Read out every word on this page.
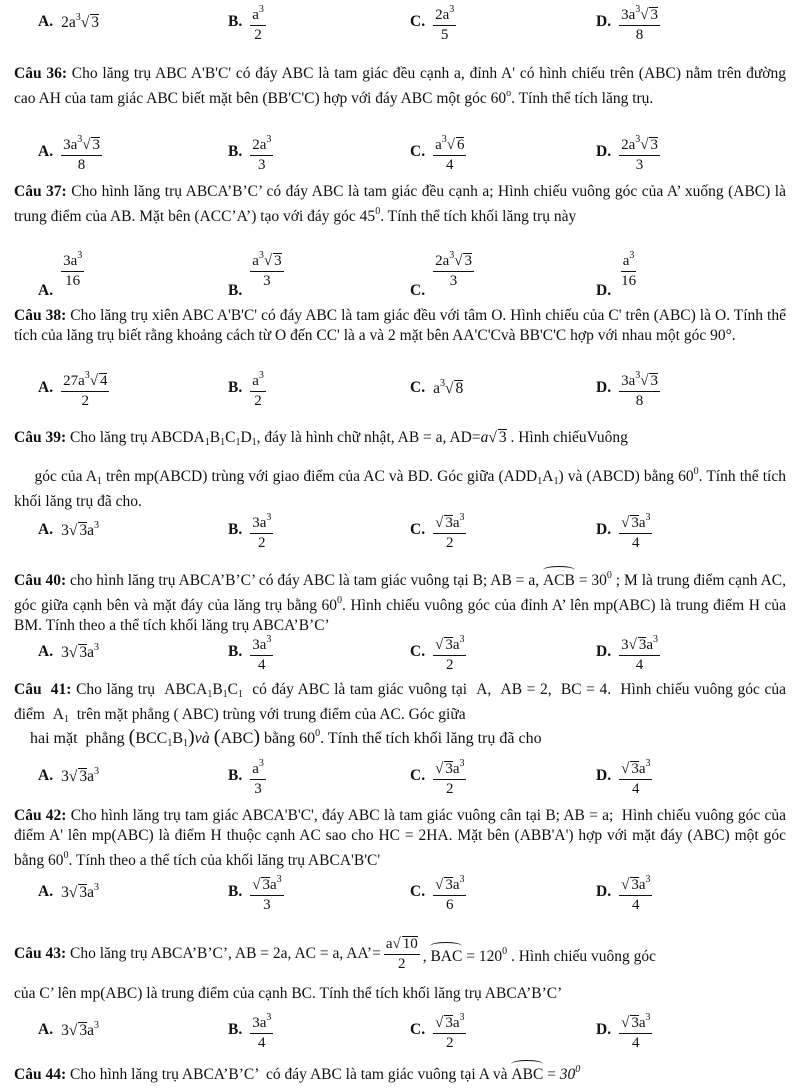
A. $2a^3√$ 3	B. $\frac{a^3}{2}$	C. $\frac{2a^3}{5}$	D. $\frac{3a^3√ 3}{8}$
Câu 36: Cho lăng trụ ABC A'B'C' có đáy ABC là tam giác đều cạnh a, đỉnh A' có hình chiếu trên (ABC) nằm trên đường cao AH của tam giác ABC biết mặt bên (BB'C'C) hợp với đáy ABC một góc 60$^o$. Tính thể tích lăng trụ.
A. $\frac{3a^3√ 3}{8}$	B. $\frac{2a^3}{3}$	C. $\frac{a^3√ 6}{4}$	D. $\frac{2a^3√ 3}{3}$
Câu 37: Cho hình lăng trụ ABCA’B’C’ có đáy ABC là tam giác đều cạnh a; Hình chiếu vuông góc của A’ xuống (ABC) là trung điểm của AB. Mặt bên (ACC’A’) tạo với đáy góc $45^0$. Tính thể tích khối lăng trụ này
A.
$\frac{3a^3}{16}$
B.
$\frac{a^3√ 3}{3}$
C.
$\frac{2a^3√ 3}{3}$
D.
$\frac{a^3}{16}$
Câu 38: Cho lăng trụ xiên ABC A'B'C' có đáy ABC là tam giác đều với tâm O. Hình chiếu của C' trên (ABC) là O. Tính thể tích của lăng trụ biết rằng khoảng cách từ O đến CC' là a và 2 mặt bên AA'C'Cvà BB'C'C hợp với nhau một góc 90°.
A. $\frac{27a^3√ 4}{2}$	B. $\frac{a^3}{2}$	C. $a^3√$ 8	D. $\frac{3a^3√ 3}{8}$
Câu 39: Cho lăng trụ $ABCDA_1B_1C_1D_1$, đáy là hình chữ nhật, AB = a, AD=a√ 3 . Hình chiếuVuông
góc của $A_1$ trên mp(ABCD) trùng với giao điểm của AC và BD. Góc giữa $(ADD_1A_1)$ và (ABCD) bằng $60^0$. Tính thể tích khối lăng trụ đã cho.
A. 3√ $3a^3$	B. $\frac{3a^3}{2}$	C. $\frac{√ 3a^3}{2}$	D. $\frac{√ 3a^3}{4}$
Câu 40: cho hình lăng trụ ABCA’B’C’ có đáy ABC là tam giác vuông tại B; AB = a, ACB = $30^0$ ; M là trung điểm cạnh AC, góc giữa cạnh bên và mặt đáy của lăng trụ bằng $60^0$. Hình chiếu vuông góc của đỉnh A’ lên mp(ABC) là trung điểm H của BM. Tính theo a thể tích khối lăng trụ ABCA’B’C’
A. 3√ $3a^3$	B. $\frac{3a^3}{4}$	C. $\frac{√ 3a^3}{2}$	D. $\frac{3√ 3a^3}{4}$
Câu  41: Cho lăng trụ  $ABCA_1B_1C_1$  có đáy ABC là tam giác vuông tại  A,  AB = 2,  BC = 4.  Hình chiếu vuông góc của điểm  $A_1$  trên mặt phẳng ( ABC) trùng với trung điểm của AC. Góc giữa
hai mặt  phẳng $(BCC_1B_1)và$ (ABC) bằng $60^0$. Tính thể tích khối lăng trụ đã cho
A. 3√ $3a^3$	B. $\frac{a^3}{3}$	C. $\frac{√ 3a^3}{2}$	D. $\frac{√ 3a^3}{4}$
Câu 42: Cho hình lăng trụ tam giác ABCA'B'C', đáy ABC là tam giác vuông cân tại B; AB = a;  Hình chiếu vuông góc của điểm A' lên mp(ABC) là điểm H thuộc cạnh AC sao cho HC = 2HA. Mặt bên (ABB'A') hợp với mặt đáy (ABC) một góc bằng $60^0$. Tính theo a thể tích của khối lăng trụ ABCA'B'C'
A. 3√ $3a^3$	B. $\frac{√ 3a^3}{3}$	C. $\frac{√ 3a^3}{6}$	D. $\frac{√ 3a^3}{4}$
Câu 43: Cho lăng trụ ABCA’B’C’, AB = 2a, AC = a, AA’= $\frac{a√ 10}{2}$ , BAC = $120^0$ . Hình chiếu vuông góc
của C’ lên mp(ABC) là trung điểm của cạnh BC. Tính thể tích khối lăng trụ ABCA’B’C’
A. 3√ $3a^3$	B. $\frac{3a^3}{4}$	C. $\frac{√ 3a^3}{2}$	D. $\frac{√ 3a^3}{4}$
Câu 44: Cho hình lăng trụ ABCA’B’C’  có đáy ABC là tam giác vuông tại A và ABC = $30^0$
